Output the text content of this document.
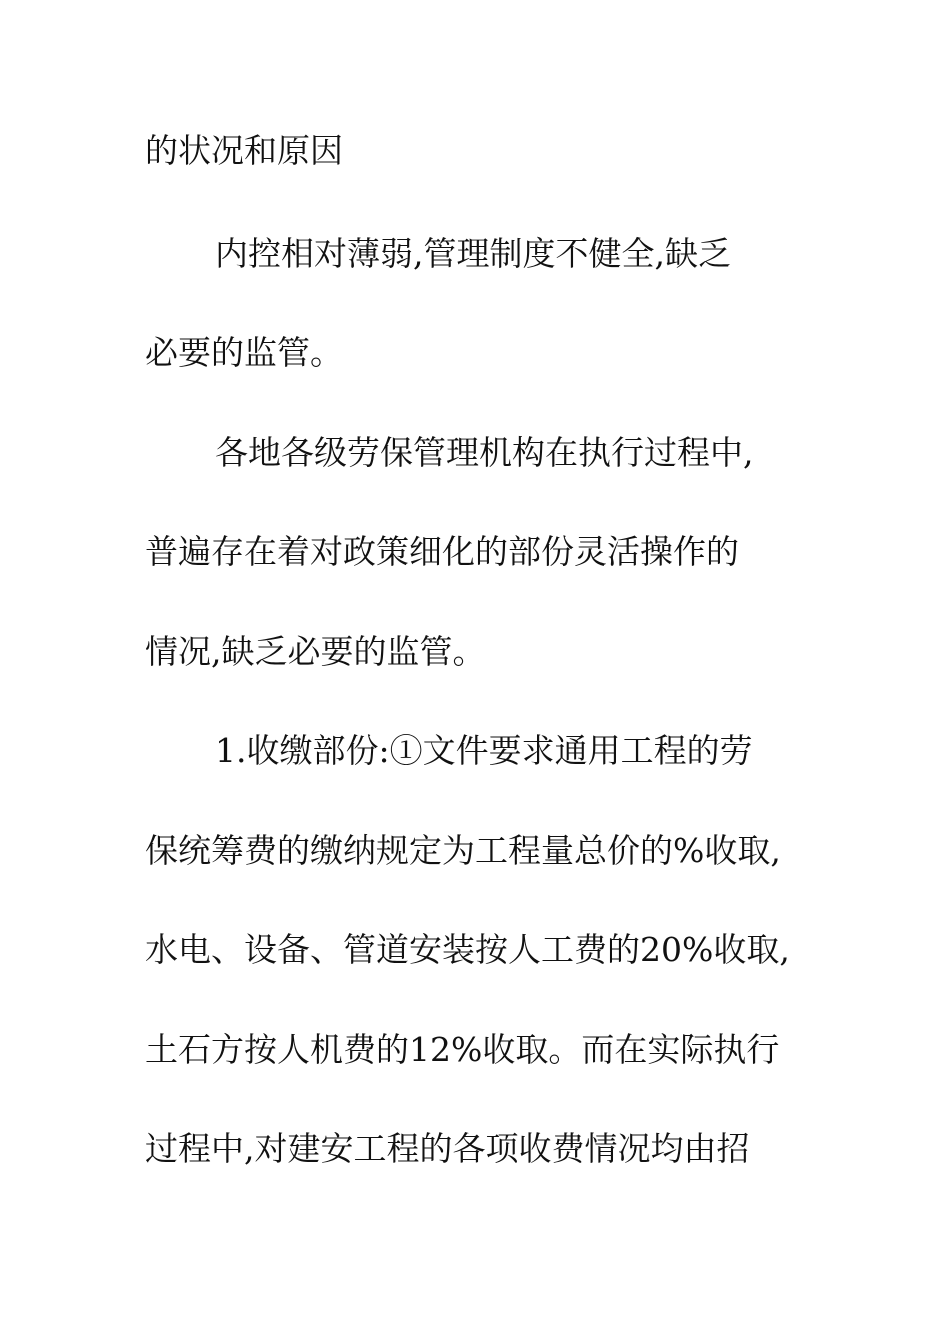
的状况和原因
内控相对薄弱,管理制度不健全,缺乏
必要的监管。
各地各级劳保管理机构在执行过程中,
普遍存在着对政策细化的部份灵活操作的
情况,缺乏必要的监管。
1.收缴部份:①文件要求通用工程的劳
保统筹费的缴纳规定为工程量总价的%收取,
水电、设备、管道安装按人工费的20%收取,
土石方按人机费的12%收取。而在实际执行
过程中,对建安工程的各项收费情况均由招
